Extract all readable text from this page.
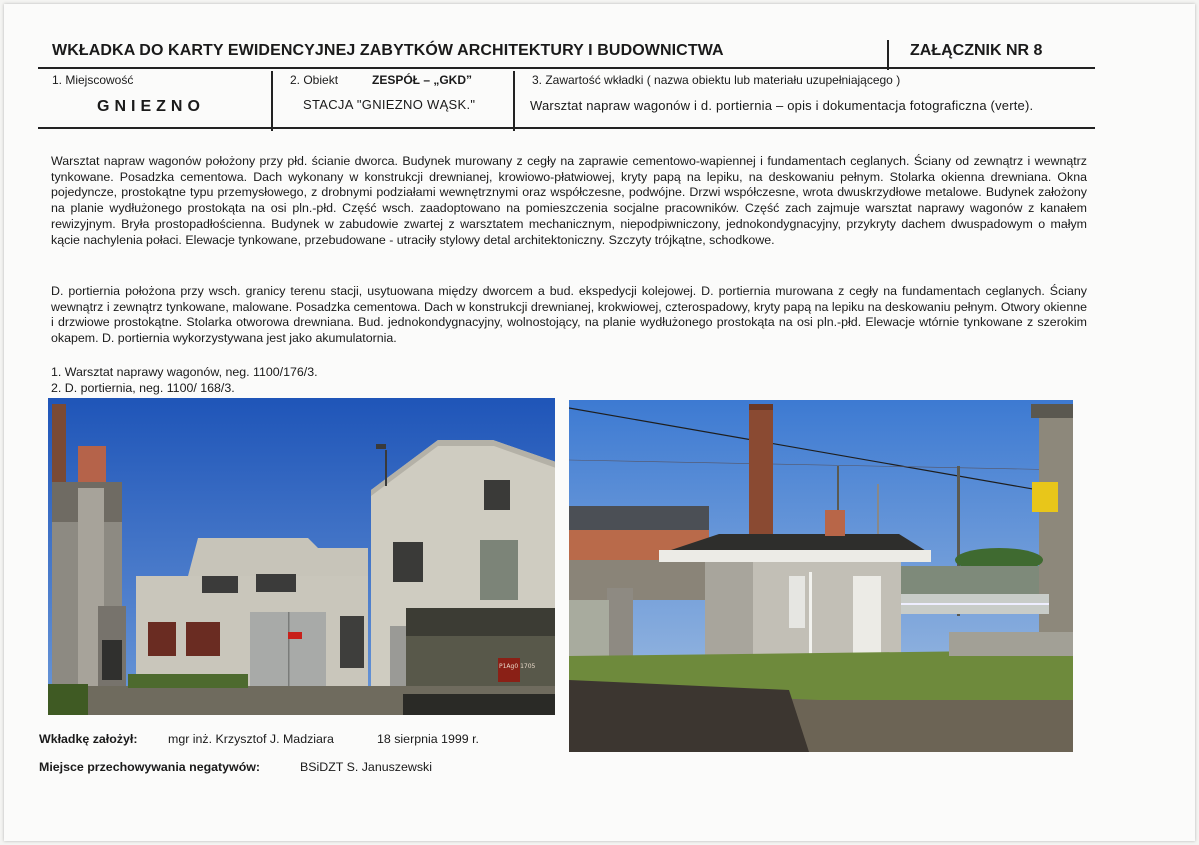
WKŁADKA DO KARTY EWIDENCYJNEJ ZABYTKÓW ARCHITEKTURY I BUDOWNICTWA	ZAŁĄCZNIK NR 8
1. Miejscowość
GNIEZNO
2. Obiekt	ZESPÓŁ – „GKD”
STACJA "GNIEZNO WĄSK."
3. Zawartość wkładki ( nazwa obiektu lub materiału uzupełniającego )
Warsztat napraw wagonów i d. portiernia – opis i dokumentacja fotograficzna (verte).

Warsztat napraw wagonów położony przy płd. ścianie dworca. Budynek murowany z cegły na zaprawie cementowo-wapiennej i fundamentach ceglanych. Ściany od zewnątrz i wewnątrz tynkowane. Posadzka cementowa. Dach wykonany w konstrukcji drewnianej, krowiowo-płatwiowej, kryty papą na lepiku, na deskowaniu pełnym. Stolarka okienna drewniana. Okna pojedyncze, prostokątne typu przemysłowego, z drobnymi podziałami wewnętrznymi oraz współczesne, podwójne. Drzwi współczesne, wrota dwuskrzydłowe metalowe. Budynek założony na planie wydłużonego prostokąta na osi pln.-płd. Część wsch. zaadoptowano na pomieszczenia socjalne pracowników. Część zach zajmuje warsztat naprawy wagonów z kanałem rewizyjnym. Bryła prostopadłościenna. Budynek w zabudowie zwartej z warsztatem mechanicznym, niepodpiwniczony, jednokondygnacyjny, przykryty dachem dwuspadowym o małym kącie nachylenia połaci. Elewacje tynkowane, przebudowane - utraciły stylowy detal architektoniczny. Szczyty trójkątne, schodkowe.

D. portiernia położona przy wsch. granicy terenu stacji, usytuowana między dworcem a bud. ekspedycji kolejowej. D. portiernia murowana z cegły na fundamentach ceglanych. Ściany wewnątrz i zewnątrz tynkowane, malowane. Posadzka cementowa. Dach w konstrukcji drewnianej, krokwiowej, czterospadowy, kryty papą na lepiku na deskowaniu pełnym. Otwory okienne i drzwiowe prostokątne. Stolarka otworowa drewniana. Bud. jednokondygnacyjny, wolnostojący, na planie wydłużonego prostokąta na osi pln.-płd. Elewacje wtórnie tynkowane z szerokim okapem. D. portiernia wykorzystywana jest jako akumulatornia.

1. Warsztat naprawy wagonów, neg. 1100/176/3.
2. D. portiernia, neg. 1100/ 168/3.
P1Ag0 1705
Wkładkę założył: mgr inż. Krzysztof J. Madziara	18 sierpnia 1999 r.
Miejsce przechowywania negatywów:	BSiDZT S. Januszewski
